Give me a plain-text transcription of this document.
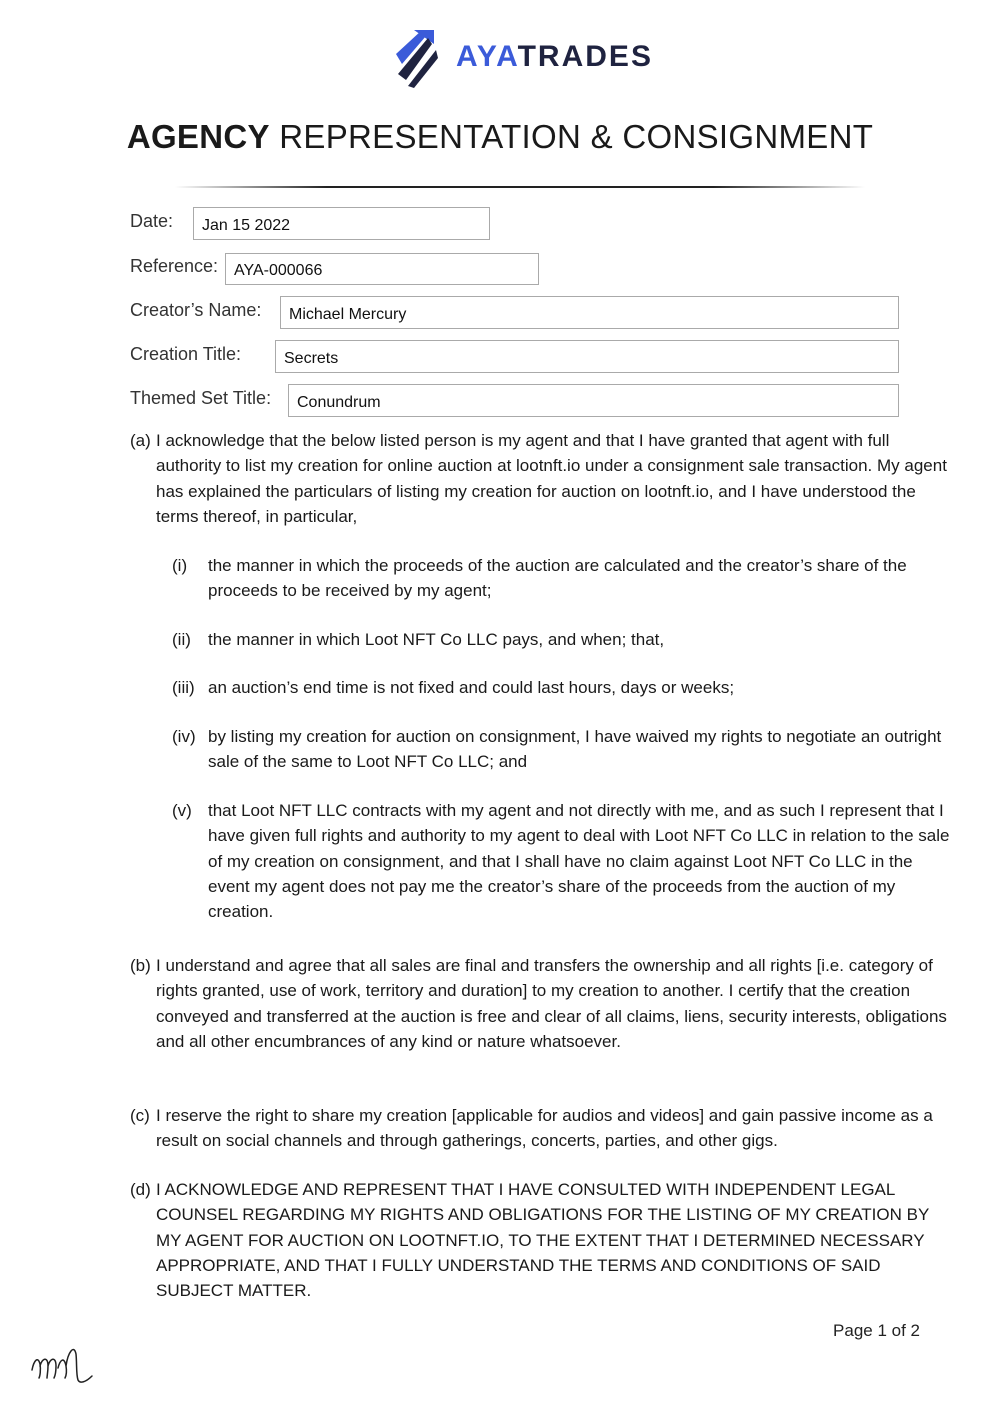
AYATRADES
AGENCY REPRESENTATION & CONSIGNMENT
Date: Jan 15 2022
Reference: AYA-000066
Creator’s Name: Michael Mercury
Creation Title:	Secrets
Themed Set Title: Conundrum
(a) I acknowledge that the below listed person is my agent and that I have granted that agent with full authority to list my creation for online auction at lootnft.io under a consignment sale transaction. My agent has explained the particulars of listing my creation for auction on lootnft.io, and I have understood the terms thereof, in particular,
(i)	the manner in which the proceeds of the auction are calculated and the creator’s share of the proceeds to be received by my agent;
(ii)	the manner in which Loot NFT Co LLC pays, and when; that,
(iii) an auction’s end time is not fixed and could last hours, days or weeks;
(iv) by listing my creation for auction on consignment, I have waived my rights to negotiate an outright sale of the same to Loot NFT Co LLC; and
(v) that Loot NFT LLC contracts with my agent and not directly with me, and as such I represent that I have given full rights and authority to my agent to deal with Loot NFT Co LLC in relation to the sale of my creation on consignment, and that I shall have no claim against Loot NFT Co LLC in the event my agent does not pay me the creator’s share of the proceeds from the auction of my creation.
(b) I understand and agree that all sales are final and transfers the ownership and all rights [i.e. category of rights granted, use of work, territory and duration] to my creation to another. I certify that the creation conveyed and transferred at the auction is free and clear of all claims, liens, security interests, obligations and all other encumbrances of any kind or nature whatsoever.
(c) I reserve the right to share my creation [applicable for audios and videos] and gain passive income as a result on social channels and through gatherings, concerts, parties, and other gigs.
(d) I ACKNOWLEDGE AND REPRESENT THAT I HAVE CONSULTED WITH INDEPENDENT LEGAL COUNSEL REGARDING MY RIGHTS AND OBLIGATIONS FOR THE LISTING OF MY CREATION BY MY AGENT FOR AUCTION ON LOOTNFT.IO, TO THE EXTENT THAT I DETERMINED NECESSARY APPROPRIATE, AND THAT I FULLY UNDERSTAND THE TERMS AND CONDITIONS OF SAID SUBJECT MATTER.
Page 1 of 2
